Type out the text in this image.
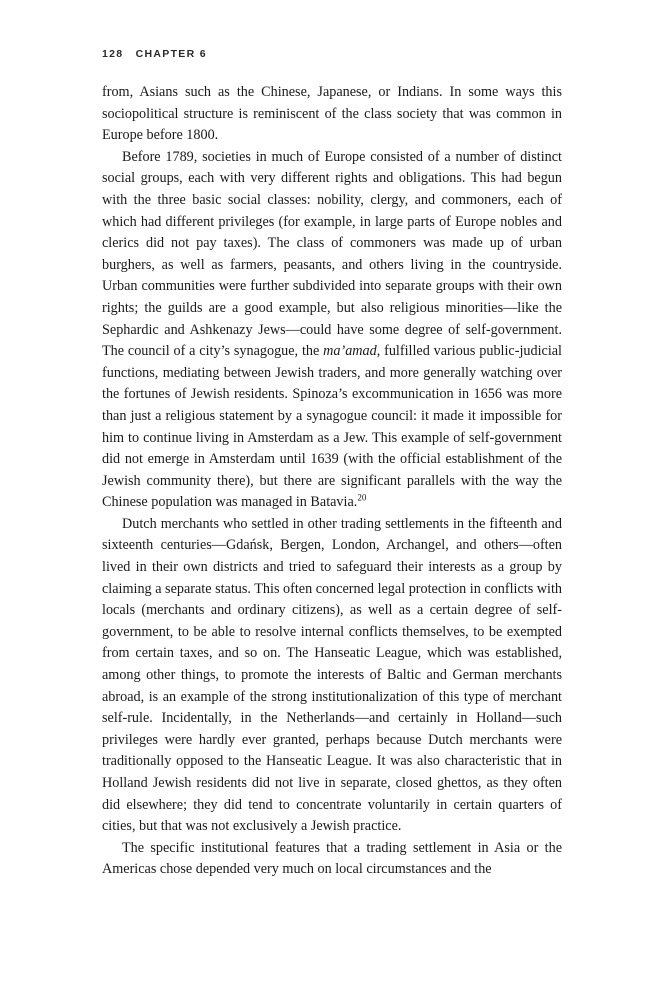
128 CHAPTER 6

from, Asians such as the Chinese, Japanese, or Indians. In some ways this sociopolitical structure is reminiscent of the class society that was common in Europe before 1800.

Before 1789, societies in much of Europe consisted of a number of distinct social groups, each with very different rights and obligations. This had begun with the three basic social classes: nobility, clergy, and commoners, each of which had different privileges (for example, in large parts of Europe nobles and clerics did not pay taxes). The class of commoners was made up of urban burghers, as well as farmers, peasants, and others living in the countryside. Urban communities were further subdivided into separate groups with their own rights; the guilds are a good example, but also religious minorities—like the Sephardic and Ashkenazy Jews—could have some degree of self-government. The council of a city’s synagogue, the ma’amad, fulfilled various public-judicial functions, mediating between Jewish traders, and more generally watching over the fortunes of Jewish residents. Spinoza’s excommunication in 1656 was more than just a religious statement by a synagogue council: it made it impossible for him to continue living in Amsterdam as a Jew. This example of self-government did not emerge in Amsterdam until 1639 (with the official establishment of the Jewish community there), but there are significant parallels with the way the Chinese population was managed in Batavia.$^{20}$

Dutch merchants who settled in other trading settlements in the fifteenth and sixteenth centuries—Gdańsk, Bergen, London, Archangel, and others—often lived in their own districts and tried to safeguard their interests as a group by claiming a separate status. This often concerned legal protection in conflicts with locals (merchants and ordinary citizens), as well as a certain degree of self-government, to be able to resolve internal conflicts themselves, to be exempted from certain taxes, and so on. The Hanseatic League, which was established, among other things, to promote the interests of Baltic and German merchants abroad, is an example of the strong institutionalization of this type of merchant self-rule. Incidentally, in the Netherlands—and certainly in Holland—such privileges were hardly ever granted, perhaps because Dutch merchants were traditionally opposed to the Hanseatic League. It was also characteristic that in Holland Jewish residents did not live in separate, closed ghettos, as they often did elsewhere; they did tend to concentrate voluntarily in certain quarters of cities, but that was not exclusively a Jewish practice.

The specific institutional features that a trading settlement in Asia or the Americas chose depended very much on local circumstances and the
